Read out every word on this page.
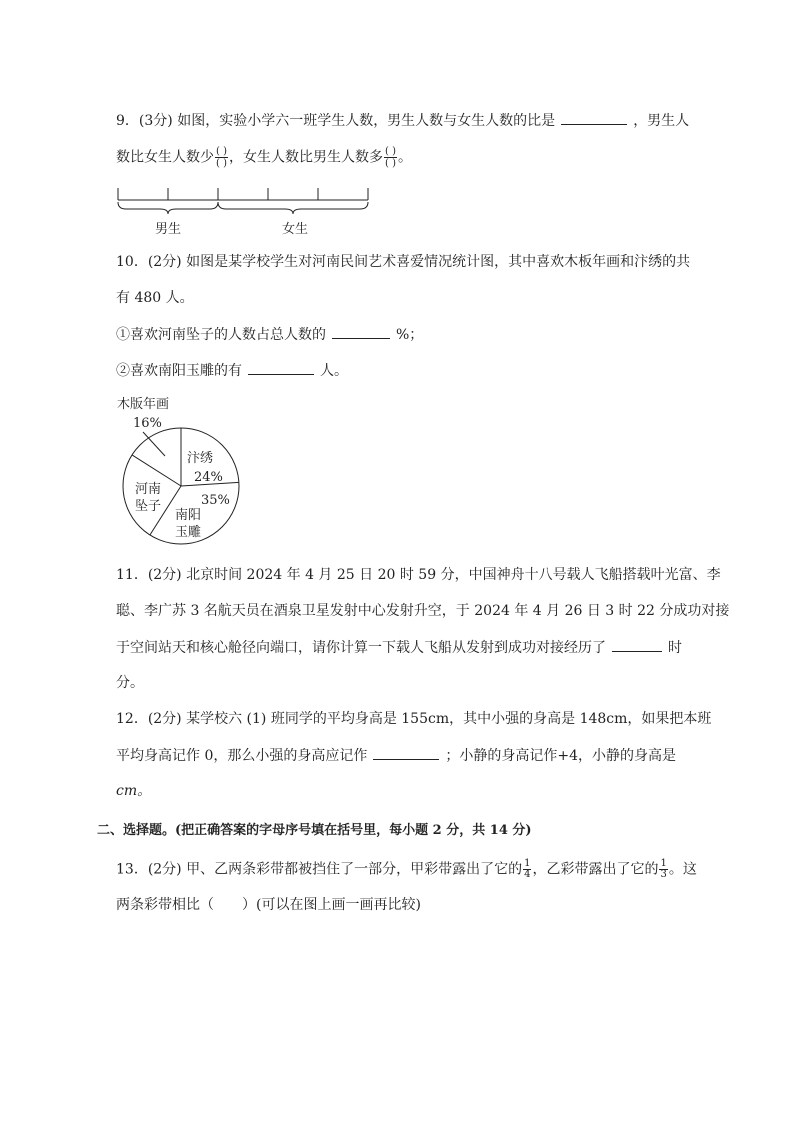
9．(3分) 如图，实验小学六一班学生人数，男生人数与女生人数的比是	，男生人
数比女生人数少 $\frac{( )}{( )}$ ，女生人数比男生人数多 $\frac{( )}{( )}$ 。
男生	女生
10．(2分) 如图是某学校学生对河南民间艺术喜爱情况统计图，其中喜欢木板年画和汴绣的共
有 480 人。
①喜欢河南坠子的人数占总人数的	%；
②喜欢南阳玉雕的有	人。
木版年画
16%
汴绣
24%
35%
南阳
玉雕
河南
坠子
11．(2分) 北京时间 2024 年 4 月 25 日 20 时 59 分，中国神舟十八号载人飞船搭载叶光富、李
聪、李广苏 3 名航天员在酒泉卫星发射中心发射升空，于 2024 年 4 月 26 日 3 时 22 分成功对接
于空间站天和核心舱径向端口，请你计算一下载人飞船从发射到成功对接经历了	时
分。
12．(2分) 某学校六 (1) 班同学的平均身高是 155cm，其中小强的身高是 148cm，如果把本班
平均身高记作 0，那么小强的身高应记作	；小静的身高记作+4，小静的身高是
cm。
二、选择题。(把正确答案的字母序号填在括号里，每小题 2 分，共 14 分)
13．(2分) 甲、乙两条彩带都被挡住了一部分，甲彩带露出了它的 $\frac{1}{4}$ ，乙彩带露出了它的 $\frac{1}{3}$ 。这
两条彩带相比（　　）(可以在图上画一画再比较)
